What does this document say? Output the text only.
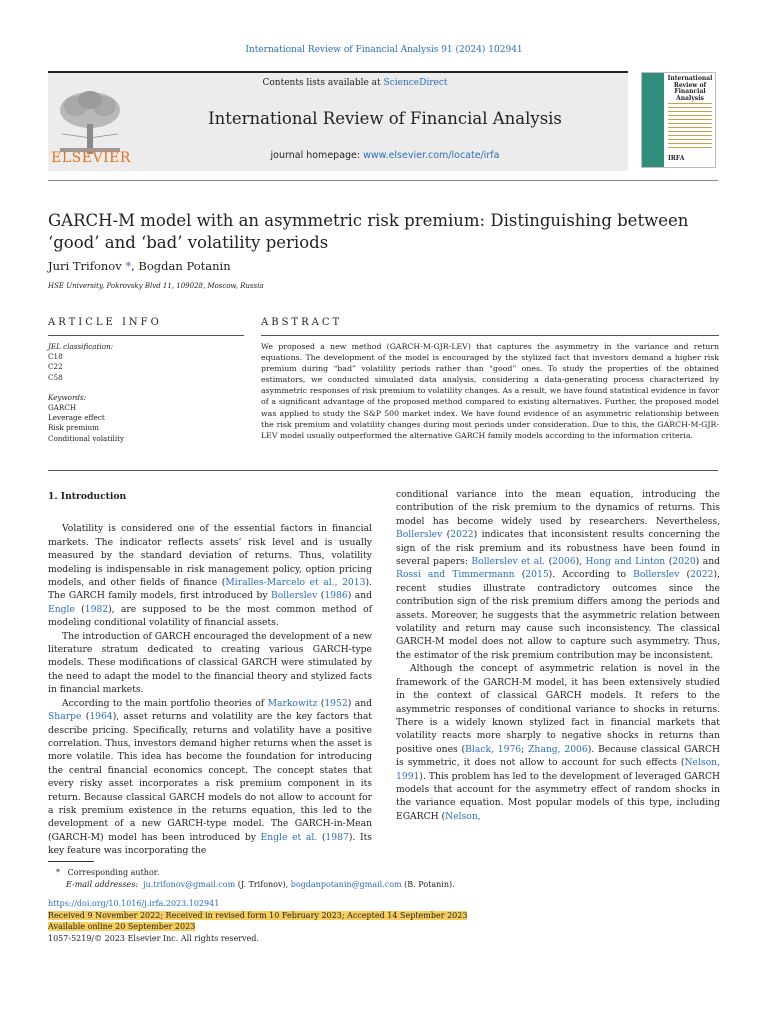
International Review of Financial Analysis 91 (2024) 102941
ELSEVIER
Contents lists available at ScienceDirect
International Review of Financial Analysis
journal homepage: www.elsevier.com/locate/irfa
International Review of Financial Analysis
IRFA
GARCH-M model with an asymmetric risk premium: Distinguishing between
‘good’ and ‘bad’ volatility periods
Juri Trifonov *, Bogdan Potanin
HSE University, Pokrovsky Blvd 11, 109028, Moscow, Russia
ARTICLE INFO	ABSTRACT
JEL classification:
C18
C22
C58
Keywords:
GARCH
Leverage effect
Risk premium
Conditional volatility
We proposed a new method (GARCH-M-GJR-LEV) that captures the asymmetry in the variance and return equations. The development of the model is encouraged by the stylized fact that investors demand a higher risk premium during “bad” volatility periods rather than “good” ones. To study the properties of the obtained estimators, we conducted simulated data analysis, considering a data-generating process characterized by asymmetric responses of risk premium to volatility changes. As a result, we have found statistical evidence in favor of a significant advantage of the proposed method compared to existing alternatives. Further, the proposed model was applied to study the S&P 500 market index. We have found evidence of an asymmetric relationship between the risk premium and volatility changes during most periods under consideration. Due to this, the GARCH-M-GJR-LEV model usually outperformed the alternative GARCH family models according to the information criteria.
1. Introduction

Volatility is considered one of the essential factors in financial markets. The indicator reflects assets’ risk level and is usually measured by the standard deviation of returns. Thus, volatility modeling is indispensable in risk management policy, option pricing models, and other fields of finance (Miralles-Marcelo et al., 2013). The GARCH family models, first introduced by Bollerslev (1986) and Engle (1982), are supposed to be the most common method of modeling conditional volatility of financial assets.

The introduction of GARCH encouraged the development of a new literature stratum dedicated to creating various GARCH-type models. These modifications of classical GARCH were stimulated by the need to adapt the model to the financial theory and stylized facts in financial markets.

According to the main portfolio theories of Markowitz (1952) and Sharpe (1964), asset returns and volatility are the key factors that describe pricing. Specifically, returns and volatility have a positive correlation. Thus, investors demand higher returns when the asset is more volatile. This idea has become the foundation for introducing the central financial economics concept. The concept states that every risky asset incorporates a risk premium component in its return. Because classical GARCH models do not allow to account for a risk premium existence in the returns equation, this led to the development of a new GARCH-type model. The GARCH-in-Mean (GARCH-M) model has been introduced by Engle et al. (1987). Its key feature was incorporating the

conditional variance into the mean equation, introducing the contribution of the risk premium to the dynamics of returns. This model has become widely used by researchers. Nevertheless, Bollerslev (2022) indicates that inconsistent results concerning the sign of the risk premium and its robustness have been found in several papers: Bollerslev et al. (2006), Hong and Linton (2020) and Rossi and Timmermann (2015). According to Bollerslev (2022), recent studies illustrate contradictory outcomes since the contribution sign of the risk premium differs among the periods and assets. Moreover, he suggests that the asymmetric relation between volatility and return may cause such inconsistency. The classical GARCH-M model does not allow to capture such asymmetry. Thus, the estimator of the risk premium contribution may be inconsistent.

Although the concept of asymmetric relation is novel in the framework of the GARCH-M model, it has been extensively studied in the context of classical GARCH models. It refers to the asymmetric responses of conditional variance to shocks in returns. There is a widely known stylized fact in financial markets that volatility reacts more sharply to negative shocks in returns than positive ones (Black, 1976; Zhang, 2006). Because classical GARCH is symmetric, it does not allow to account for such effects (Nelson, 1991). This problem has led to the development of leveraged GARCH models that account for the asymmetry effect of random shocks in the variance equation. Most popular models of this type, including EGARCH (Nelson,

* Corresponding author.
E-mail addresses: ju.trifonov@gmail.com (J. Trifonov), bogdanpotanin@gmail.com (B. Potanin).
https://doi.org/10.1016/j.irfa.2023.102941
Received 9 November 2022; Received in revised form 10 February 2023; Accepted 14 September 2023
Available online 20 September 2023
1057-5219/© 2023 Elsevier Inc. All rights reserved.
